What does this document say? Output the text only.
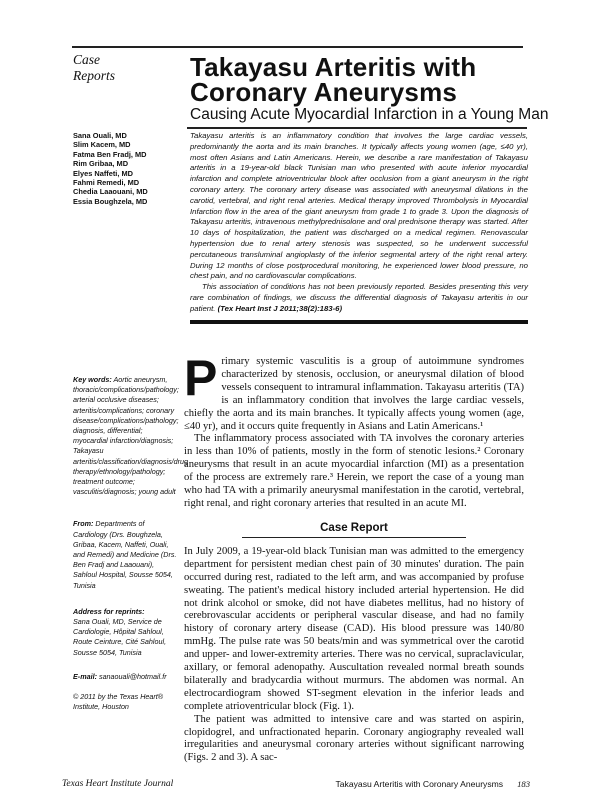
Case
Reports	Takayasu Arteritis with Coronary Aneurysms
Causing Acute Myocardial Infarction in a Young Man
Sana Ouali, MD
Slim Kacem, MD
Fatma Ben Fradj, MD
Rim Gribaa, MD
Elyes Naffeti, MD
Fahmi Remedi, MD
Chedia Laaouani, MD
Essia Boughzela, MD

Takayasu arteritis is an inflammatory condition that involves the large cardiac vessels, predominantly the aorta and its main branches. It typically affects young women (age, ≤40 yr), most often Asians and Latin Americans. Herein, we describe a rare manifestation of Takayasu arteritis in a 19-year-old black Tunisian man who presented with acute inferior myocardial infarction and complete atrioventricular block after occlusion from a giant aneurysm in the right coronary artery. The coronary artery disease was associated with aneurysmal dilations in the carotid, vertebral, and right renal arteries. Medical therapy improved Thrombolysis in Myocardial Infarction flow in the area of the giant aneurysm from grade 1 to grade 3. Upon the diagnosis of Takayasu arteritis, intravenous methylprednisolone and oral prednisone therapy was started. After 10 days of hospitalization, the patient was discharged on a medical regimen. Renovascular hypertension due to renal artery stenosis was suspected, so he underwent successful percutaneous transluminal angioplasty of the inferior segmental artery of the right renal artery. During 12 months of close postprocedural monitoring, he experienced lower blood pressure, no chest pain, and no cardiovascular complications.

This association of conditions has not been previously reported. Besides presenting this very rare combination of findings, we discuss the differential diagnosis of Takayasu arteritis in our patient. (Tex Heart Inst J 2011;38(2):183-6)

Key words: Aortic aneurysm, thoracic/complications/pathology; arterial occlusive diseases; arteritis/complications; coronary disease/complications/pathology; diagnosis, differential; myocardial infarction/diagnosis; Takayasu arteritis/classification/diagnosis/drug therapy/ethnology/pathology; treatment outcome; vasculitis/diagnosis; young adult
From: Departments of Cardiology (Drs. Boughzela, Gribaa, Kacem, Naffeti, Ouali, and Remedi) and Medicine (Drs. Ben Fradj and Laaouani), Sahloul Hospital, Sousse 5054, Tunisia
Address for reprints:
Sana Ouali, MD, Service de Cardiologie, Hôpital Sahloul, Route Ceinture, Cité Sahloul, Sousse 5054, Tunisia
E-mail: sanaouali@hotmail.fr
© 2011 by the Texas Heart® Institute, Houston

Primary systemic vasculitis is a group of autoimmune syndromes characterized by stenosis, occlusion, or aneurysmal dilation of blood vessels consequent to intramural inflammation. Takayasu arteritis (TA) is an inflammatory condition that involves the large cardiac vessels, chiefly the aorta and its main branches. It typically affects young women (age, ≤40 yr), and it occurs quite frequently in Asians and Latin Americans.¹

The inflammatory process associated with TA involves the coronary arteries in less than 10% of patients, mostly in the form of stenotic lesions.² Coronary aneurysms that result in an acute myocardial infarction (MI) as a presentation of the process are extremely rare.³ Herein, we report the case of a young man who had TA with a primarily aneurysmal manifestation in the carotid, vertebral, right renal, and right coronary arteries that resulted in an acute MI.

Case Report

In July 2009, a 19-year-old black Tunisian man was admitted to the emergency department for persistent median chest pain of 30 minutes' duration. The pain occurred during rest, radiated to the left arm, and was accompanied by profuse sweating. The patient's medical history included arterial hypertension. He did not drink alcohol or smoke, did not have diabetes mellitus, had no history of cerebrovascular accidents or peripheral vascular disease, and had no family history of coronary artery disease (CAD). His blood pressure was 140/80 mmHg. The pulse rate was 50 beats/min and was symmetrical over the carotid and upper- and lower-extremity arteries. There was no cervical, supraclavicular, axillary, or femoral adenopathy. Auscultation revealed normal breath sounds bilaterally and bradycardia without murmurs. The abdomen was normal. An electrocardiogram showed ST-segment elevation in the inferior leads and complete atrioventricular block (Fig. 1).

The patient was admitted to intensive care and was started on aspirin, clopidogrel, and unfractionated heparin. Coronary angiography revealed wall irregularities and aneurysmal coronary arteries without significant narrowing (Figs. 2 and 3). A sac-

Texas Heart Institute Journal	Takayasu Arteritis with Coronary Aneurysms 183
